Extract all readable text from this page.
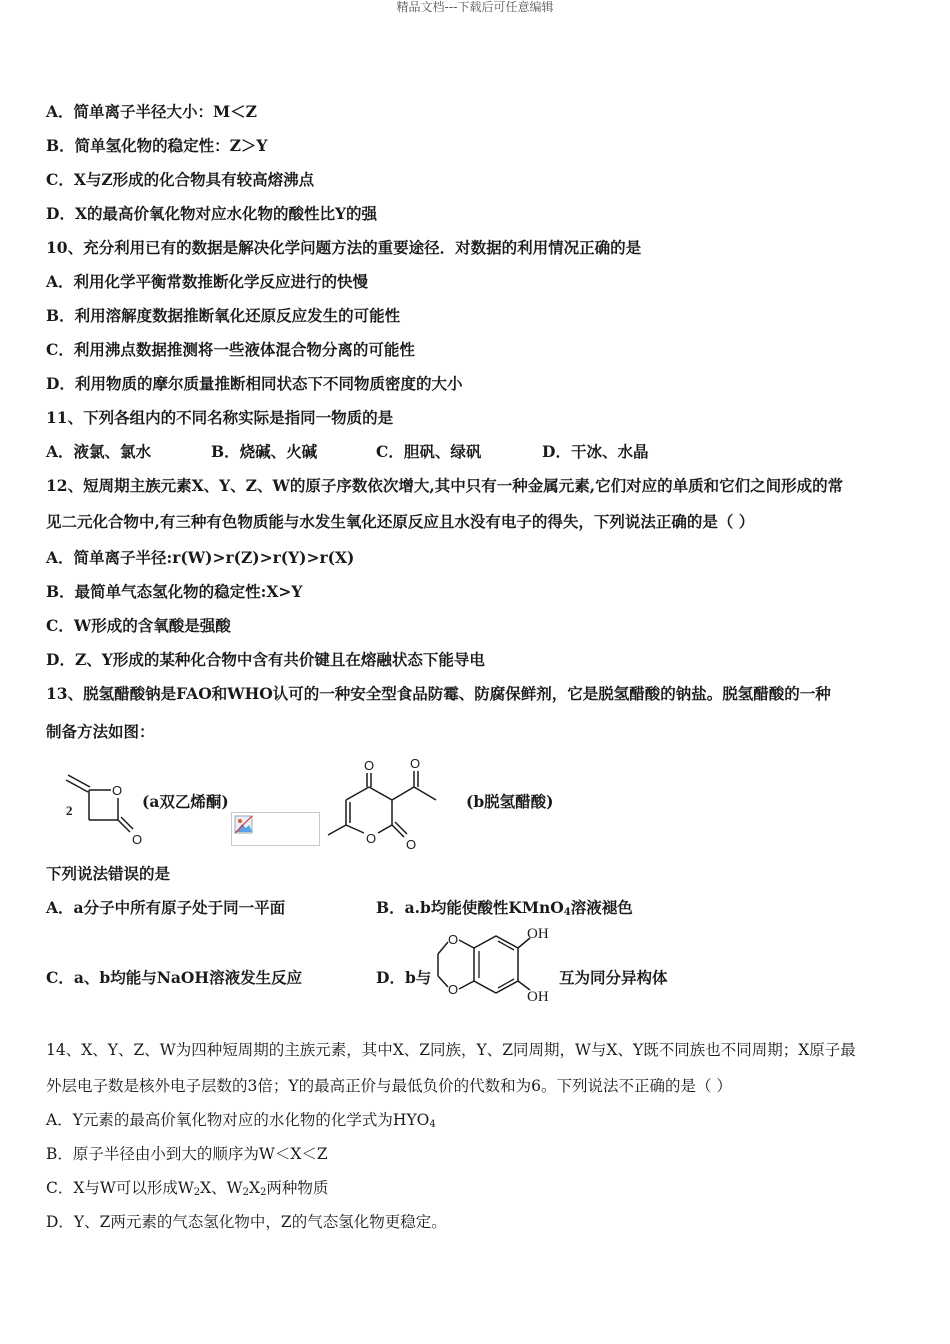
精品文档---下载后可任意编辑
A．简单离子半径大小：M＜Z
B．简单氢化物的稳定性：Z＞Y
C．X与Z形成的化合物具有较高熔沸点
D．X的最高价氧化物对应水化物的酸性比Y的强
10、充分利用已有的数据是解决化学问题方法的重要途径．对数据的利用情况正确的是
A．利用化学平衡常数推断化学反应进行的快慢
B．利用溶解度数据推断氧化还原反应发生的可能性
C．利用沸点数据推测将一些液体混合物分离的可能性
D．利用物质的摩尔质量推断相同状态下不同物质密度的大小
11、下列各组内的不同名称实际是指同一物质的是
A．液氯、氯水	B．烧碱、火碱	C．胆矾、绿矾	D．干冰、水晶
12、短周期主族元素X、Y、Z、W的原子序数依次增大,其中只有一种金属元素,它们对应的单质和它们之间形成的常
见二元化合物中,有三种有色物质能与水发生氧化还原反应且水没有电子的得失，下列说法正确的是（ ）
A．简单离子半径:r(W)>r(Z)>r(Y)>r(X)
B．最简单气态氢化物的稳定性:X>Y
C．W形成的含氧酸是强酸
D．Z、Y形成的某种化合物中含有共价键且在熔融状态下能导电
13、脱氢醋酸钠是FAO和WHO认可的一种安全型食品防霉、防腐保鲜剂，它是脱氢醋酸的钠盐。脱氢醋酸的一种
制备方法如图：
2
O
O
(a双乙烯酮)
O
O O
O
(b脱氢醋酸)
下列说法错误的是
A．a分子中所有原子处于同一平面	B．a.b均能使酸性KMnO$_4$溶液褪色
C．a、b均能与NaOH溶液发生反应	D．b与
O
O
OH
OH
互为同分异构体
14、X、Y、Z、W为四种短周期的主族元素，其中X、Z同族，Y、Z同周期，W与X、Y既不同族也不同周期；X原子最
外层电子数是核外电子层数的3倍；Y的最高正价与最低负价的代数和为6。下列说法不正确的是（ ）
A．Y元素的最高价氧化物对应的水化物的化学式为$HYO_4$
B．原子半径由小到大的顺序为W＜X＜Z
C．X与W可以形成$W_2X$、$W_2X_2$两种物质
D．Y、Z两元素的气态氢化物中，Z的气态氢化物更稳定。
